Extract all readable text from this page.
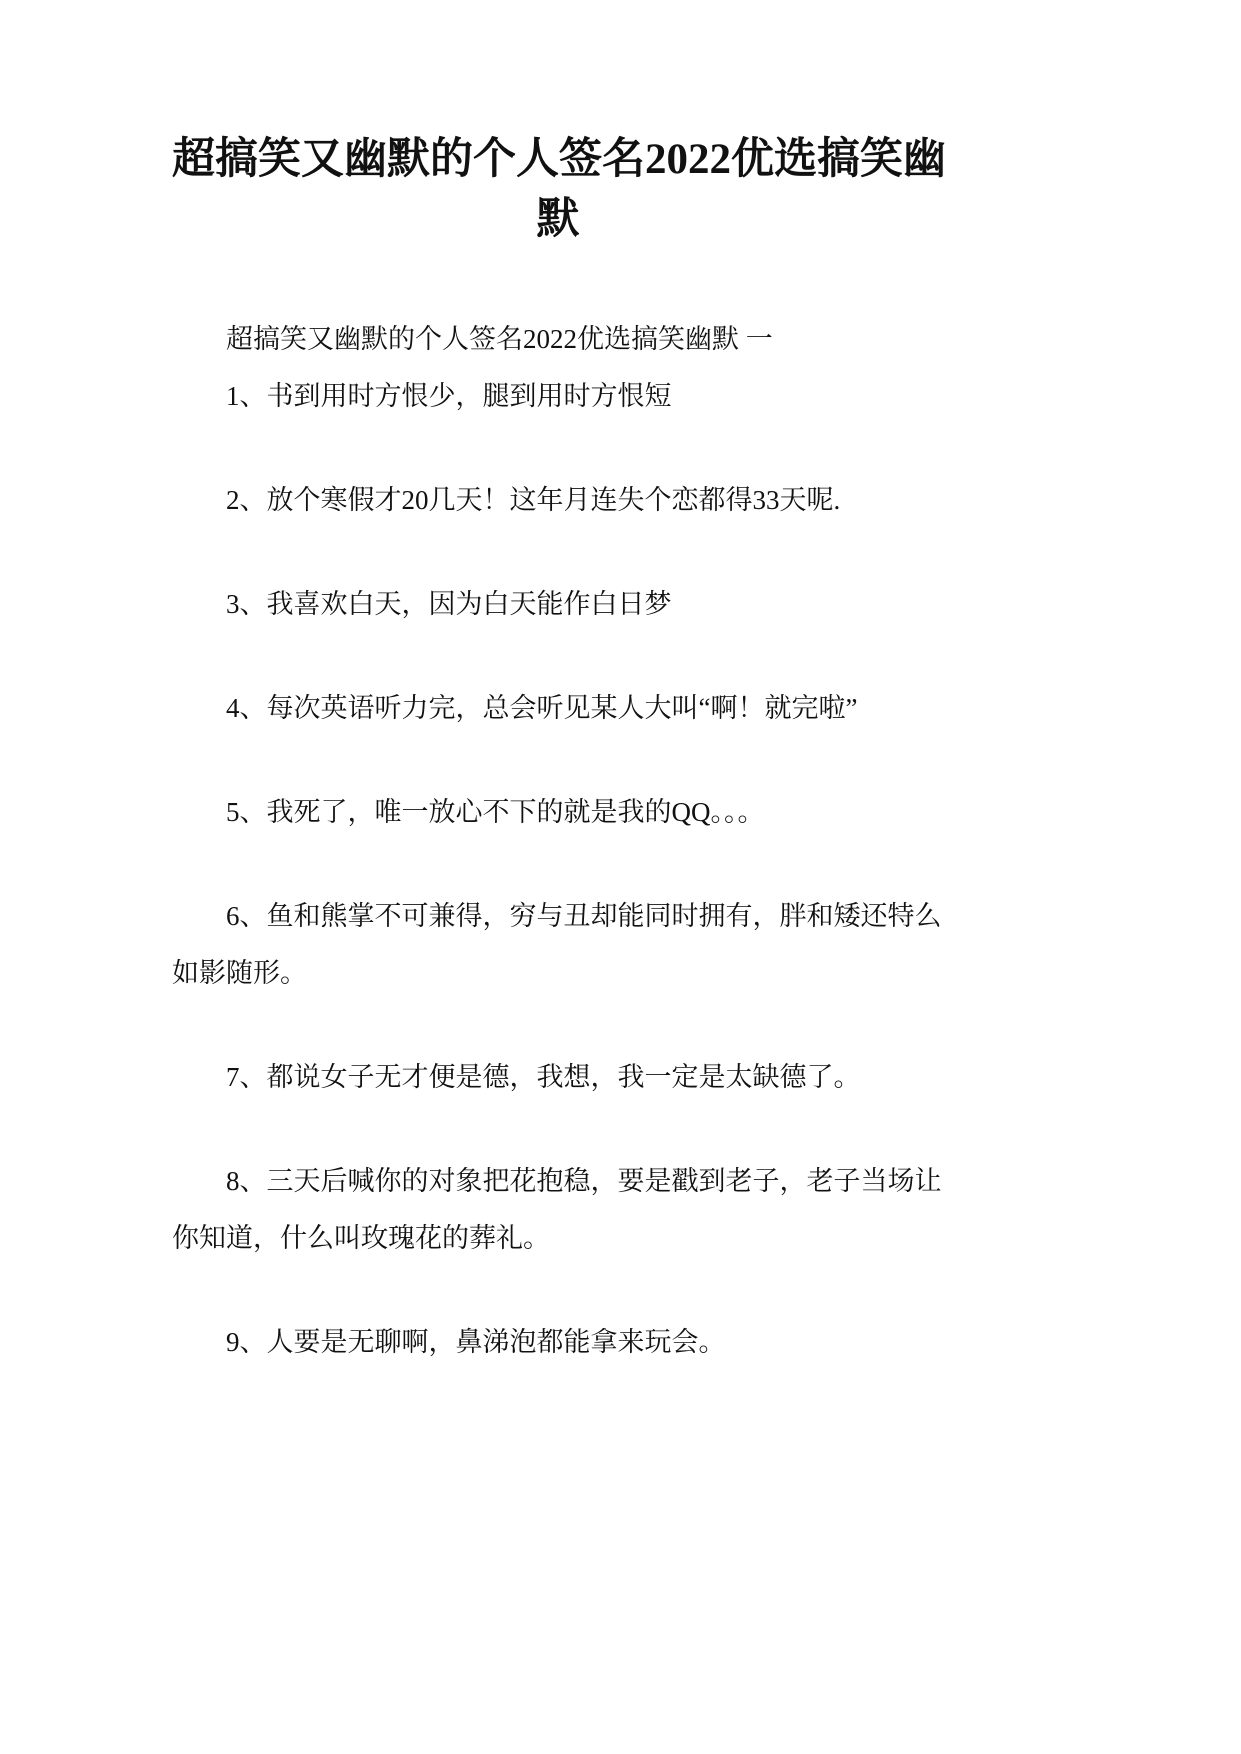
超搞笑又幽默的个人签名2022优选搞笑幽
默

超搞笑又幽默的个人签名2022优选搞笑幽默 一

1、书到用时方恨少，腿到用时方恨短

2、放个寒假才20几天！这年月连失个恋都得33天呢.

3、我喜欢白天，因为白天能作白日梦

4、每次英语听力完，总会听见某人大叫“啊！就完啦”

5、我死了，唯一放心不下的就是我的QQ。。。

6、鱼和熊掌不可兼得，穷与丑却能同时拥有，胖和矮还特么如影随形。

7、都说女子无才便是德，我想，我一定是太缺德了。

8、三天后喊你的对象把花抱稳，要是戳到老子，老子当场让你知道，什么叫玫瑰花的葬礼。

9、人要是无聊啊，鼻涕泡都能拿来玩会。
